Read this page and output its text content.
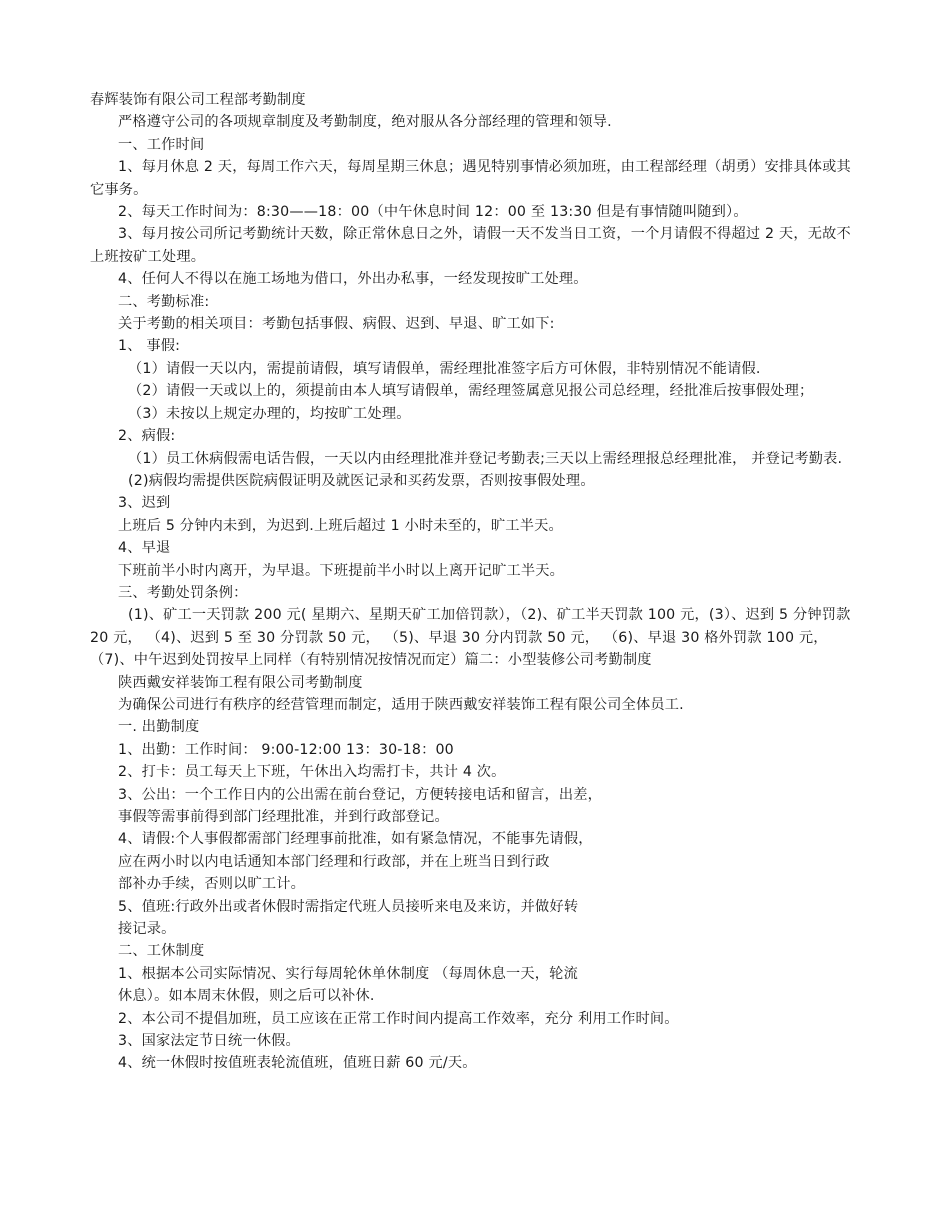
春辉装饰有限公司工程部考勤制度

严格遵守公司的各项规章制度及考勤制度，绝对服从各分部经理的管理和领导.

一、工作时间

1、每月休息 2 天，每周工作六天，每周星期三休息；遇见特别事情必须加班，由工程部经理（胡勇）安排具体或其它事务。

2、每天工作时间为：8:30——18：00（中午休息时间 12：00 至 13:30 但是有事情随叫随到）。

3、每月按公司所记考勤统计天数，除正常休息日之外，请假一天不发当日工资，一个月请假不得超过 2 天，无故不上班按矿工处理。

4、任何人不得以在施工场地为借口，外出办私事，一经发现按旷工处理。

二、考勤标准:

关于考勤的相关项目：考勤包括事假、病假、迟到、早退、旷工如下:

1、 事假:

（1）请假一天以内，需提前请假，填写请假单，需经理批准签字后方可休假，非特别情况不能请假.

（2）请假一天或以上的，须提前由本人填写请假单，需经理签属意见报公司总经理，经批准后按事假处理；

（3）未按以上规定办理的，均按旷工处理。

2、病假:

（1）员工休病假需电话告假，一天以内由经理批准并登记考勤表;三天以上需经理报总经理批准， 并登记考勤表.

(2)病假均需提供医院病假证明及就医记录和买药发票，否则按事假处理。

3、迟到

上班后 5 分钟内未到，为迟到.上班后超过 1 小时未至的，旷工半天。

4、早退

下班前半小时内离开，为早退。下班提前半小时以上离开记旷工半天。

三、考勤处罚条例：

(1)、矿工一天罚款 200 元( 星期六、星期天矿工加倍罚款），（2)、矿工半天罚款 100 元，(3）、迟到 5 分钟罚款 20 元， （4)、迟到 5 至 30 分罚款 50 元， （5)、早退 30 分内罚款 50 元， （6)、早退 30 格外罚款 100 元， （7)、中午迟到处罚按早上同样（有特别情况按情况而定）篇二：小型装修公司考勤制度

陕西戴安祥装饰工程有限公司考勤制度

为确保公司进行有秩序的经营管理而制定，适用于陕西戴安祥装饰工程有限公司全体员工.

一. 出勤制度

1、出勤：工作时间： 9:00-12:00 13：30-18：00

2、打卡：员工每天上下班，午休出入均需打卡，共计 4 次。

3、公出：一个工作日内的公出需在前台登记，方便转接电话和留言，出差，

事假等需事前得到部门经理批准，并到行政部登记。

4、请假:个人事假都需部门经理事前批准，如有紧急情况，不能事先请假，

应在两小时以内电话通知本部门经理和行政部，并在上班当日到行政

部补办手续，否则以旷工计。

5、值班:行政外出或者休假时需指定代班人员接听来电及来访，并做好转

接记录。

二、工休制度

1、根据本公司实际情况、实行每周轮休单休制度 （每周休息一天，轮流

休息）。如本周末休假，则之后可以补休.

2、本公司不提倡加班，员工应该在正常工作时间内提高工作效率，充分 利用工作时间。

3、国家法定节日统一休假。

4、统一休假时按值班表轮流值班，值班日薪 60 元/天。
